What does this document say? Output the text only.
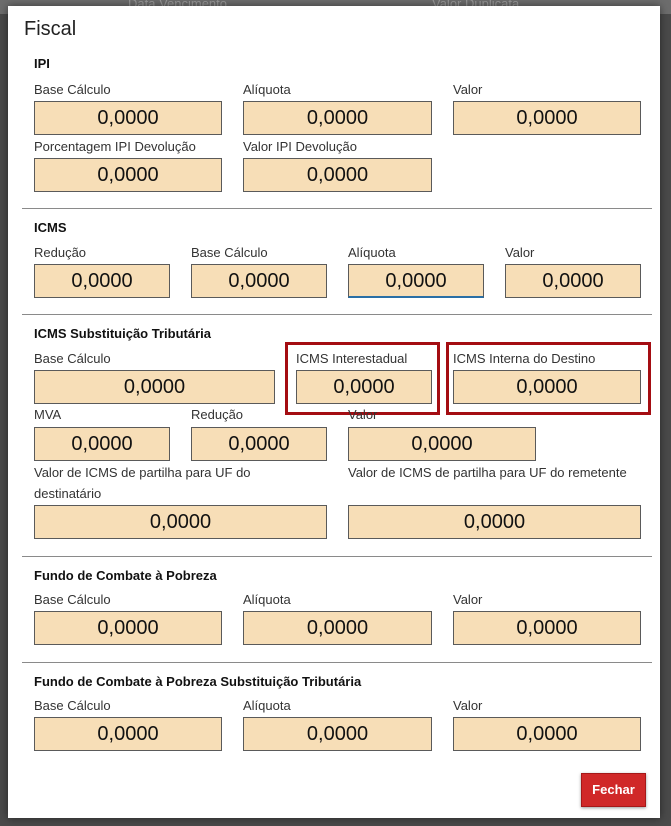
Fiscal
IPI
Base Cálculo
0,0000
Alíquota
0,0000
Valor
0,0000
Porcentagem IPI Devolução
0,0000
Valor IPI Devolução
0,0000
ICMS
Redução
0,0000
Base Cálculo
0,0000
Alíquota
0,0000
Valor
0,0000
ICMS Substituição Tributária
Base Cálculo
0,0000
ICMS Interestadual
0,0000
ICMS Interna do Destino
0,0000
MVA
0,0000
Redução
0,0000
Valor
0,0000
Valor de ICMS de partilha para UF do destinatário
0,0000
Valor de ICMS de partilha para UF do remetente
0,0000
Fundo de Combate à Pobreza
Base Cálculo
0,0000
Alíquota
0,0000
Valor
0,0000
Fundo de Combate à Pobreza Substituição Tributária
Base Cálculo
0,0000
Alíquota
0,0000
Valor
0,0000
Fechar
